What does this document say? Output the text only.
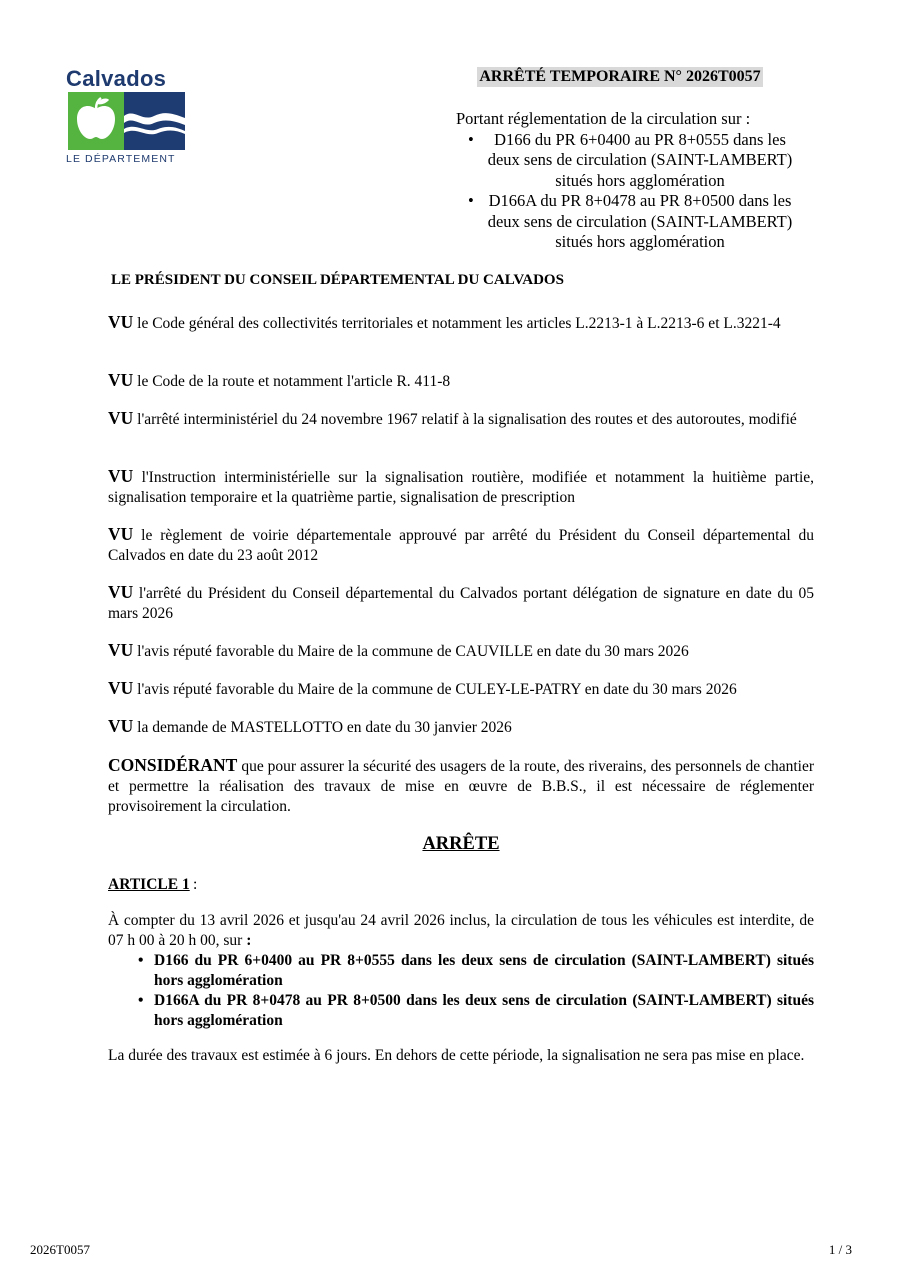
Calvados
LE DÉPARTEMENT
ARRÊTÉ TEMPORAIRE N° 2026T0057
Portant réglementation de la circulation sur :
• D166 du PR 6+0400 au PR 8+0555 dans les deux sens de circulation (SAINT-LAMBERT) situés hors agglomération
• D166A du PR 8+0478 au PR 8+0500 dans les deux sens de circulation (SAINT-LAMBERT) situés hors agglomération
LE PRÉSIDENT DU CONSEIL DÉPARTEMENTAL DU CALVADOS
VU le Code général des collectivités territoriales et notamment les articles L.2213-1 à L.2213-6 et L.3221-4
VU le Code de la route et notamment l'article R. 411-8
VU l'arrêté interministériel du 24 novembre 1967 relatif à la signalisation des routes et des autoroutes, modifié
VU l'Instruction interministérielle sur la signalisation routière, modifiée et notamment la huitième partie, signalisation temporaire et la quatrième partie, signalisation de prescription
VU le règlement de voirie départementale approuvé par arrêté du Président du Conseil départemental du Calvados en date du 23 août 2012
VU l'arrêté du Président du Conseil départemental du Calvados portant délégation de signature en date du 05 mars 2026
VU l'avis réputé favorable du Maire de la commune de CAUVILLE en date du 30 mars 2026
VU l'avis réputé favorable du Maire de la commune de CULEY-LE-PATRY en date du 30 mars 2026
VU la demande de MASTELLOTTO en date du 30 janvier 2026
CONSIDÉRANT que pour assurer la sécurité des usagers de la route, des riverains, des personnels de chantier et permettre la réalisation des travaux de mise en œuvre de B.B.S., il est nécessaire de réglementer provisoirement la circulation.
ARRÊTE
ARTICLE 1 :
À compter du 13 avril 2026 et jusqu'au 24 avril 2026 inclus, la circulation de tous les véhicules est interdite, de 07 h 00 à 20 h 00, sur :
• D166 du PR 6+0400 au PR 8+0555 dans les deux sens de circulation (SAINT-LAMBERT) situés hors agglomération
• D166A du PR 8+0478 au PR 8+0500 dans les deux sens de circulation (SAINT-LAMBERT) situés hors agglomération
La durée des travaux est estimée à 6 jours. En dehors de cette période, la signalisation ne sera pas mise en place.
2026T0057	1 / 3
